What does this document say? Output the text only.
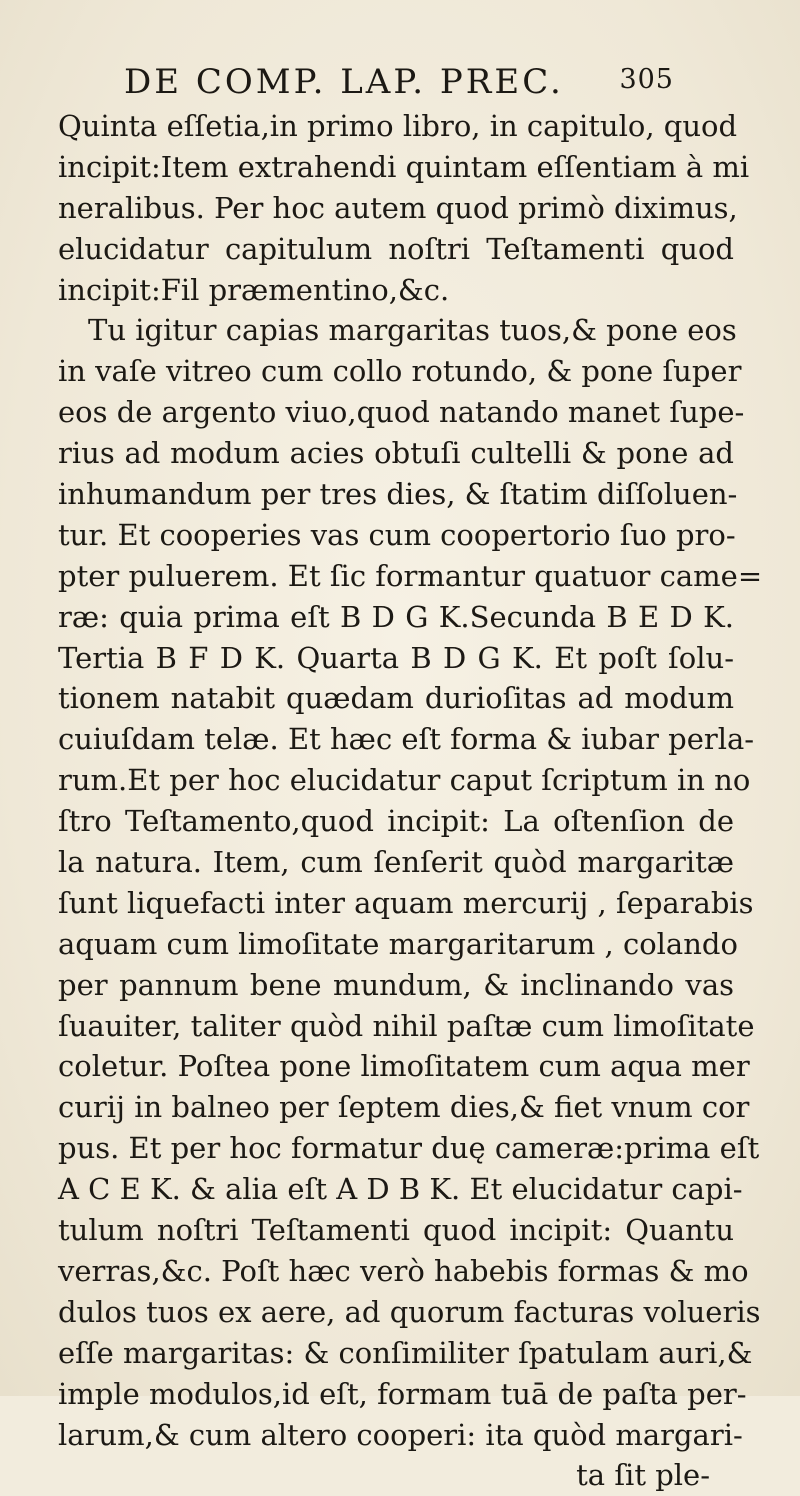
DE COMP. LAP. PREC. 305
Quinta eſſetia,in primo libro, in capitulo, quod
incipit:Item extrahendi quintam eſſentiam à mi
neralibus. Per hoc autem quod primò diximus,
elucidatur capitulum noſtri Teſtamenti quod
incipit:Fil præmentino,&c.
Tu igitur capias margaritas tuos,& pone eos
in vaſe vitreo cum collo rotundo, & pone ſuper
eos de argento viuo,quod natando manet ſupe-
rius ad modum acies obtuſi cultelli & pone ad
inhumandum per tres dies, & ſtatim diſſoluen-
tur. Et cooperies vas cum coopertorio ſuo pro-
pter puluerem. Et ſic formantur quatuor came=
ræ: quia prima eſt B D G K.Secunda B E D K.
Tertia B F D K. Quarta B D G K. Et poſt ſolu-
tionem natabit quædam durioſitas ad modum
cuiuſdam telæ. Et hæc eſt forma & iubar perla-
rum.Et per hoc elucidatur caput ſcriptum in no
ſtro Teſtamento,quod incipit: La oſtenſion de
la natura. Item, cum ſenſerit quòd margaritæ
ſunt liquefacti inter aquam mercurij , ſeparabis
aquam cum limoſitate margaritarum , colando
per pannum bene mundum, & inclinando vas
ſuauiter, taliter quòd nihil paſtæ cum limoſitate
coletur. Poſtea pone limoſitatem cum aqua mer
curij in balneo per ſeptem dies,& fiet vnum cor
pus. Et per hoc formatur duę cameræ:prima eſt
A C E K. & alia eſt A D B K. Et elucidatur capi-
tulum noſtri Teſtamenti quod incipit: Quantu
verras,&c. Poſt hæc verò habebis formas & mo
dulos tuos ex aere, ad quorum facturas volueris
eſſe margaritas: & conſimiliter ſpatulam auri,&
imple modulos,id eſt, formam tuā de paſta per-
larum,& cum altero cooperi: ita quòd margari-
ta ſit ple-
